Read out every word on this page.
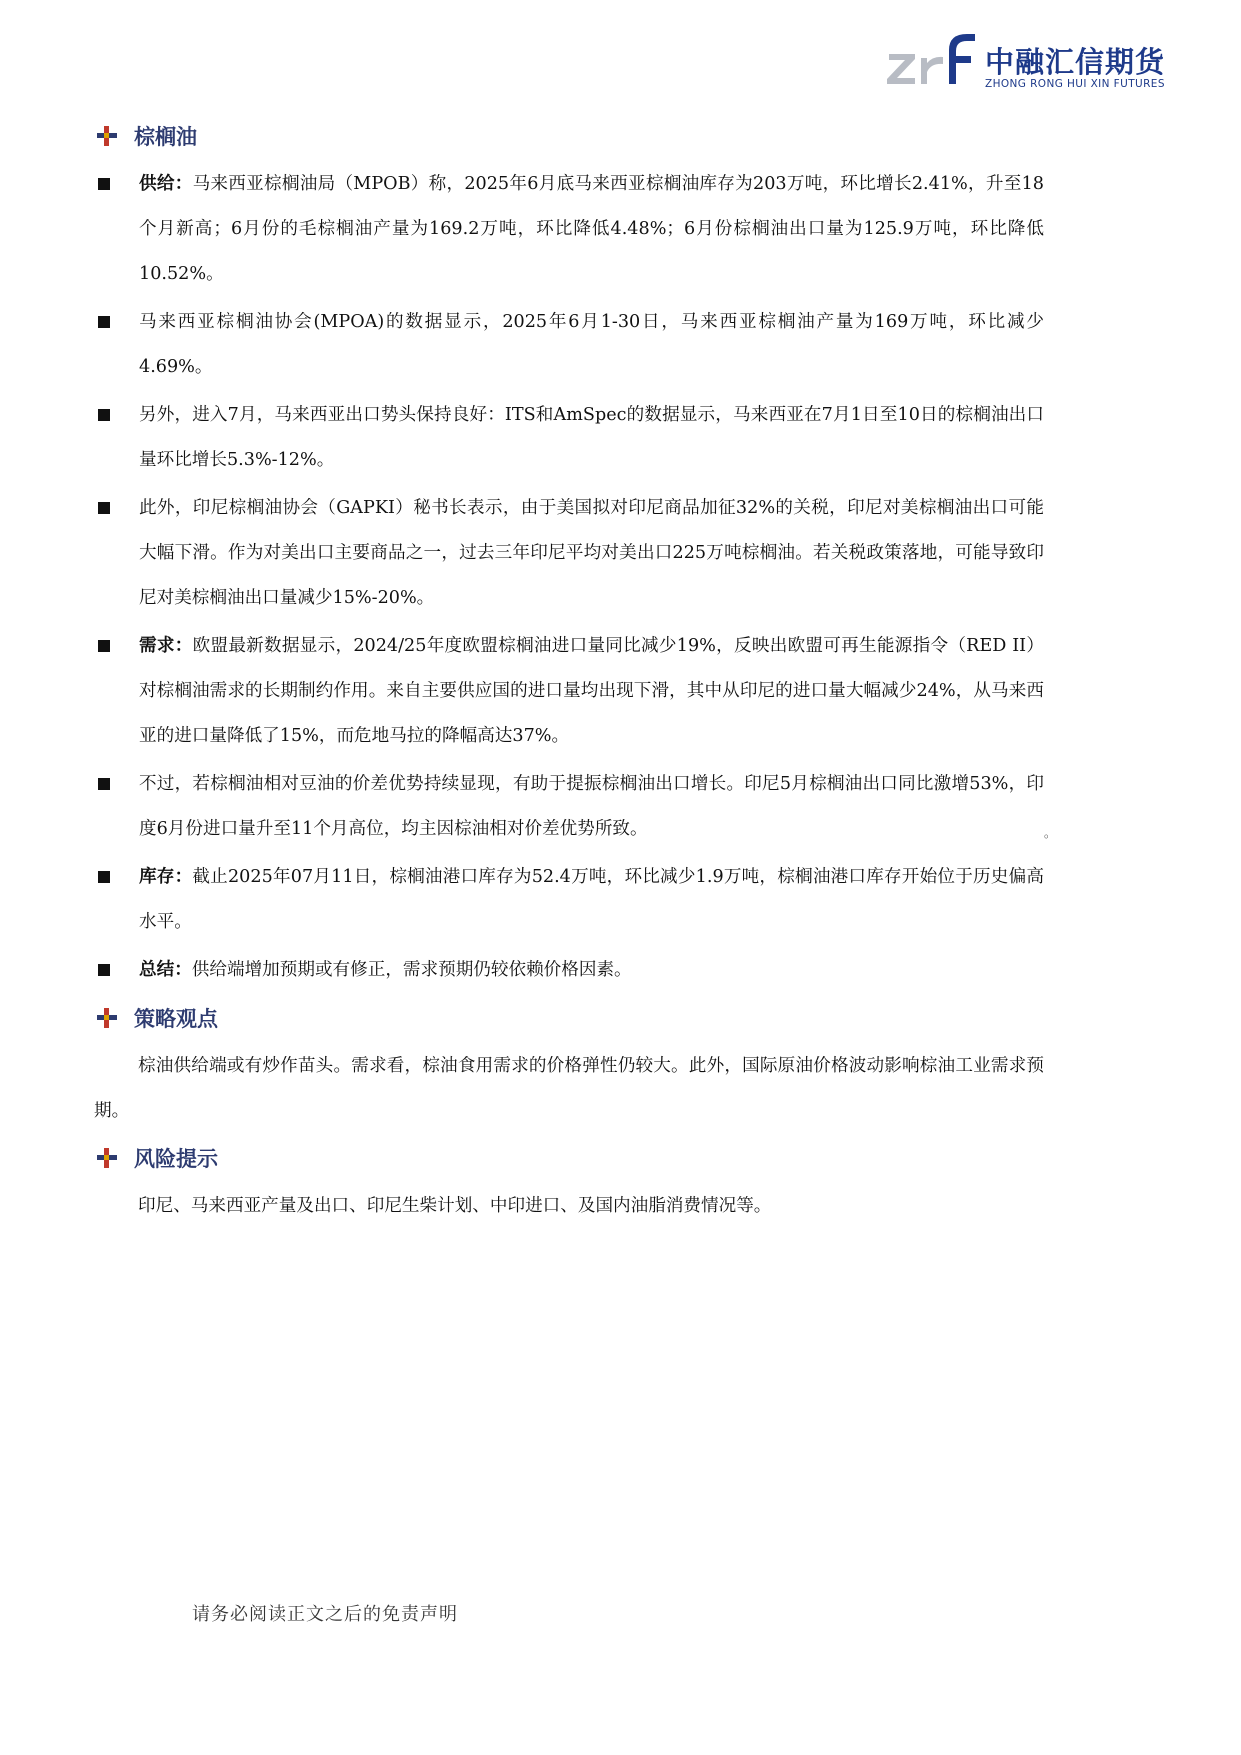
中融汇信期货
ZHONG RONG HUI XIN FUTURES
棕榈油
供给：马来西亚棕榈油局（MPOB）称，2025年6月底马来西亚棕榈油库存为203万吨，环比增长2.41%，升至18个月新高；6月份的毛棕榈油产量为169.2万吨，环比降低4.48%；6月份棕榈油出口量为125.9万吨，环比降低10.52%。
马来西亚棕榈油协会(MPOA)的数据显示，2025年6月1-30日，马来西亚棕榈油产量为169万吨，环比减少4.69%。
另外，进入7月，马来西亚出口势头保持良好：ITS和AmSpec的数据显示，马来西亚在7月1日至10日的棕榈油出口量环比增长5.3%-12%。
此外，印尼棕榈油协会（GAPKI）秘书长表示，由于美国拟对印尼商品加征32%的关税，印尼对美棕榈油出口可能大幅下滑。作为对美出口主要商品之一，过去三年印尼平均对美出口225万吨棕榈油。若关税政策落地，可能导致印尼对美棕榈油出口量减少15%-20%。
需求：欧盟最新数据显示，2024/25年度欧盟棕榈油进口量同比减少19%，反映出欧盟可再生能源指令（RED II）对棕榈油需求的长期制约作用。来自主要供应国的进口量均出现下滑，其中从印尼的进口量大幅减少24%，从马来西亚的进口量降低了15%，而危地马拉的降幅高达37%。
不过，若棕榈油相对豆油的价差优势持续显现，有助于提振棕榈油出口增长。印尼5月棕榈油出口同比激增53%，印度6月份进口量升至11个月高位，均主因棕油相对价差优势所致。
库存：截止2025年07月11日，棕榈油港口库存为52.4万吨，环比减少1.9万吨，棕榈油港口库存开始位于历史偏高水平。
总结：供给端增加预期或有修正，需求预期仍较依赖价格因素。
策略观点

棕油供给端或有炒作苗头。需求看，棕油食用需求的价格弹性仍较大。此外，国际原油价格波动影响棕油工业需求预期。

风险提示

印尼、马来西亚产量及出口、印尼生柴计划、中印进口、及国内油脂消费情况等。

。
请务必阅读正文之后的免责声明
